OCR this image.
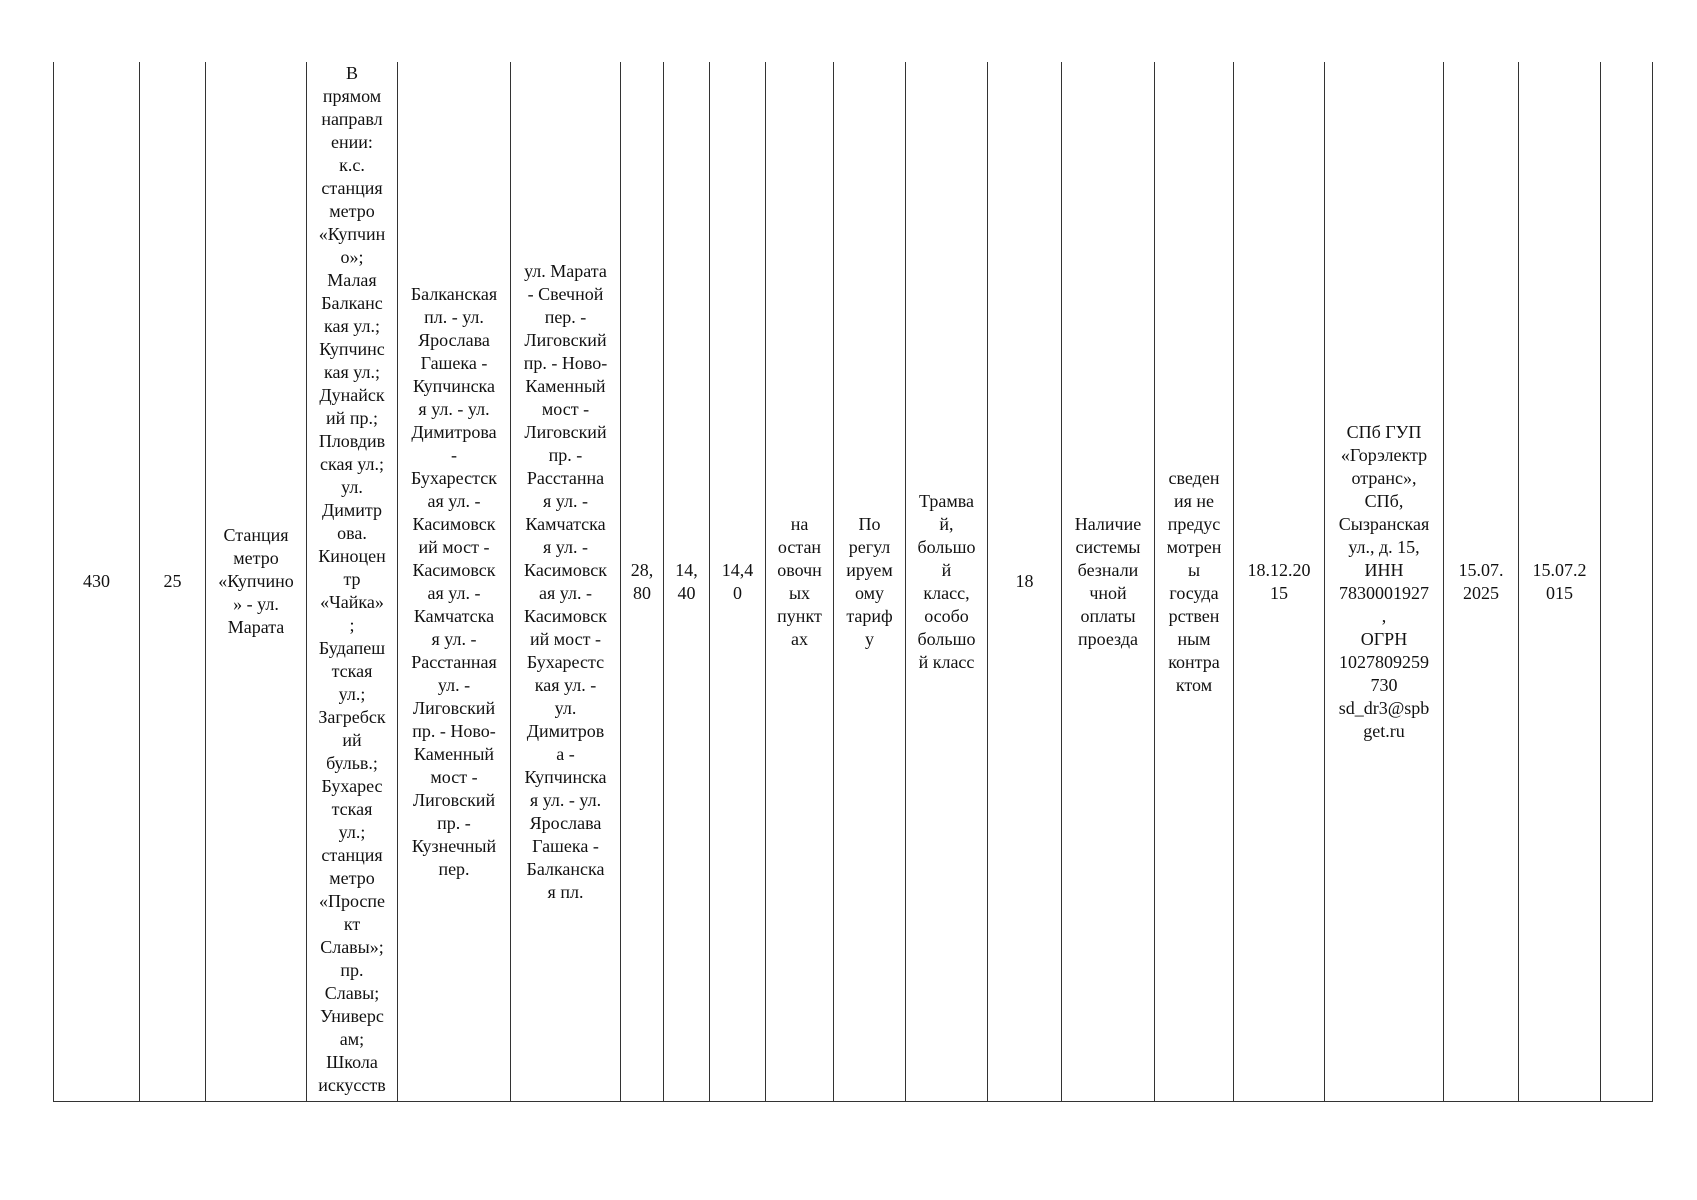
430	25	Станция
метро
«Купчино
» - ул.
Марата	В
прямом
направл
ении:
к.с.
станция
метро
«Купчин
о»;
Малая
Балканс
кая ул.;
Купчинс
кая ул.;
Дунайск
ий пр.;
Пловдив
ская ул.;
ул.
Димитр
ова.
Киноцен
тр
«Чайка»
;
Будапеш
тская
ул.;
Загребск
ий
бульв.;
Бухарес
тская
ул.;
станция
метро
«Проспе
кт
Славы»;
пр.
Славы;
Универс
ам;
Школа
искусств	Балканская
пл. - ул.
Ярослава
Гашека -
Купчинска
я ул. - ул.
Димитрова
-
Бухарестск
ая ул. -
Касимовск
ий мост -
Касимовск
ая ул. -
Камчатска
я ул. -
Расстанная
ул. -
Лиговский
пр. - Ново-
Каменный
мост -
Лиговский
пр. -
Кузнечный
пер.	ул. Марата
- Свечной
пер. -
Лиговский
пр. - Ново-
Каменный
мост -
Лиговский
пр. -
Расстанна
я ул. -
Камчатска
я ул. -
Касимовск
ая ул. -
Касимовск
ий мост -
Бухарестс
кая ул. -
ул.
Димитров
а -
Купчинска
я ул. - ул.
Ярослава
Гашека -
Балканска
я пл.	28,
80	14,
40	14,4
0	на
остан
oвочн
ых
пункт
ах	По
регул
ируем
ому
тариф
у	Трамва
й,
большо
й
класс,
особо
большо
й класс	18	Наличие
системы
безнали
чной
оплаты
проезда	сведен
ия не
предус
мотрен
ы
госуда
рствен
ным
контра
ктом	18.12.20
15	СПб ГУП
«Горэлектр
отранс»,
СПб,
Сызранская
ул., д. 15,
ИНН
7830001927
,
ОГРН
1027809259
730
sd_dr3@spb
get.ru	15.07.
2025	15.07.2
015	
